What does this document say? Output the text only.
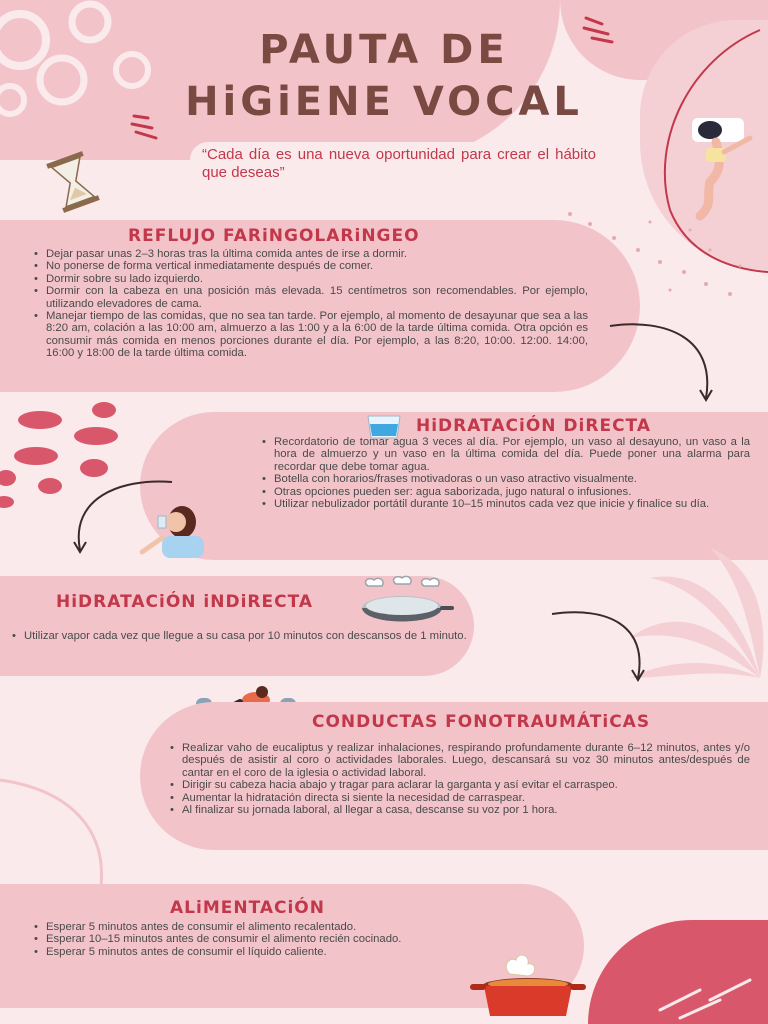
PAUTA DE
HiGiENE VOCAL
“Cada día es una nueva oportunidad para crear el hábito que deseas”
REFLUJO FARiNGOLARiNGEO
• Dejar pasar unas 2–3 horas tras la última comida antes de irse a dormir.
• No ponerse de forma vertical inmediatamente después de comer.
• Dormir sobre su lado izquierdo.
• Dormir con la cabeza en una posición más elevada. 15 centímetros son recomendables. Por ejemplo, utilizando elevadores de cama.
• Manejar tiempo de las comidas, que no sea tan tarde. Por ejemplo, al momento de desayunar que sea a las 8:20 am, colación a las 10:00 am, almuerzo a las 1:00 y a la 6:00 de la tarde última comida. Otra opción es consumir más comida en menos porciones durante el día. Por ejemplo, a las 8:20, 10:00. 12:00. 14:00, 16:00 y 18:00 de la tarde última comida.
HiDRATACiÓN DiRECTA
• Recordatorio de tomar agua 3 veces al día. Por ejemplo, un vaso al desayuno, un vaso a la hora de almuerzo y un vaso en la última comida del día. Puede poner una alarma para recordar que debe tomar agua.
• Botella con horarios/frases motivadoras o un vaso atractivo visualmente.
• Otras opciones pueden ser: agua saborizada, jugo natural o infusiones.
• Utilizar nebulizador portátil durante 10–15 minutos cada vez que inicie y finalice su día.
HiDRATACiÓN iNDiRECTA
• Utilizar vapor cada vez que llegue a su casa por 10 minutos con descansos de 1 minuto.
CONDUCTAS FONOTRAUMÁTiCAS
• Realizar vaho de eucaliptus y realizar inhalaciones, respirando profundamente durante 6–12 minutos, antes y/o después de asistir al coro o actividades laborales. Luego, descansará su voz 30 minutos antes/después de cantar en el coro de la iglesia o actividad laboral.
• Dirigir su cabeza hacia abajo y tragar para aclarar la garganta y así evitar el carraspeo.
• Aumentar la hidratación directa si siente la necesidad de carraspear.
• Al finalizar su jornada laboral, al llegar a casa, descanse su voz por 1 hora.
ALiMENTACiÓN
• Esperar 5 minutos antes de consumir el alimento recalentado.
• Esperar 10–15 minutos antes de consumir el alimento recién cocinado.
• Esperar 5 minutos antes de consumir el líquido caliente.
